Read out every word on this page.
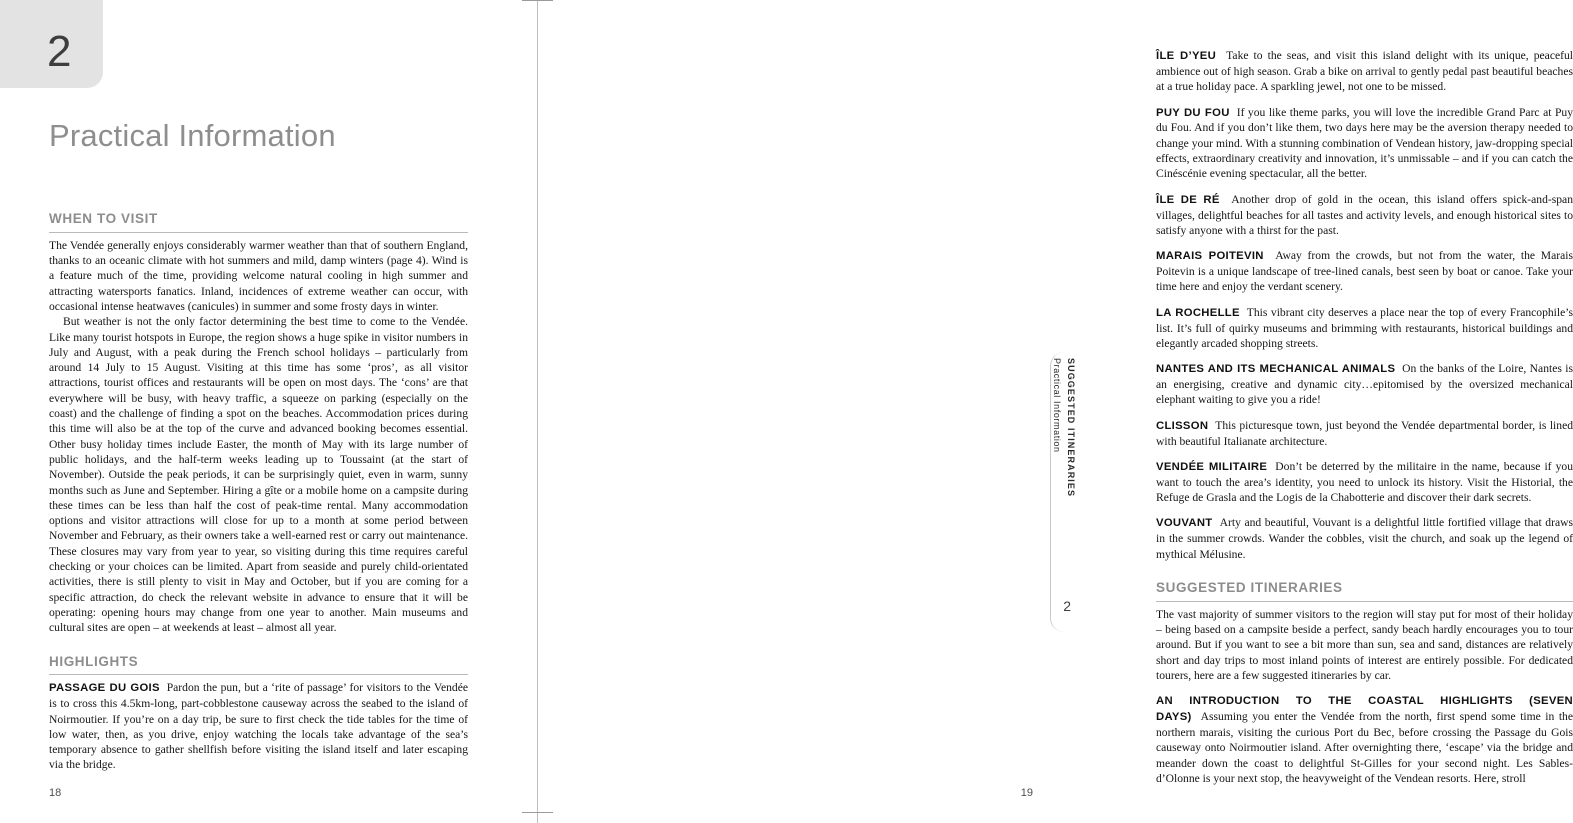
2
Practical Information
WHEN TO VISIT

The Vendée generally enjoys considerably warmer weather than that of southern England, thanks to an oceanic climate with hot summers and mild, damp winters (page 4). Wind is a feature much of the time, providing welcome natural cooling in high summer and attracting watersports fanatics. Inland, incidences of extreme weather can occur, with occasional intense heatwaves (canicules) in summer and some frosty days in winter.

But weather is not the only factor determining the best time to come to the Vendée. Like many tourist hotspots in Europe, the region shows a huge spike in visitor numbers in July and August, with a peak during the French school holidays – particularly from around 14 July to 15 August. Visiting at this time has some ‘pros’, as all visitor attractions, tourist offices and restaurants will be open on most days. The ‘cons’ are that everywhere will be busy, with heavy traffic, a squeeze on parking (especially on the coast) and the challenge of finding a spot on the beaches. Accommodation prices during this time will also be at the top of the curve and advanced booking becomes essential. Other busy holiday times include Easter, the month of May with its large number of public holidays, and the half-term weeks leading up to Toussaint (at the start of November). Outside the peak periods, it can be surprisingly quiet, even in warm, sunny months such as June and September. Hiring a gîte or a mobile home on a campsite during these times can be less than half the cost of peak-time rental. Many accommodation options and visitor attractions will close for up to a month at some period between November and February, as their owners take a well-earned rest or carry out maintenance. These closures may vary from year to year, so visiting during this time requires careful checking or your choices can be limited. Apart from seaside and purely child-orientated activities, there is still plenty to visit in May and October, but if you are coming for a specific attraction, do check the relevant website in advance to ensure that it will be operating: opening hours may change from one year to another. Main museums and cultural sites are open – at weekends at least – almost all year.

HIGHLIGHTS

PASSAGE DU GOIS Pardon the pun, but a ‘rite of passage’ for visitors to the Vendée is to cross this 4.5km-long, part-cobblestone causeway across the seabed to the island of Noirmoutier. If you’re on a day trip, be sure to first check the tide tables for the time of low water, then, as you drive, enjoy watching the locals take advantage of the sea’s temporary absence to gather shellfish before visiting the island itself and later escaping via the bridge.

18

ÎLE D’YEU Take to the seas, and visit this island delight with its unique, peaceful ambience out of high season. Grab a bike on arrival to gently pedal past beautiful beaches at a true holiday pace. A sparkling jewel, not one to be missed.

PUY DU FOU If you like theme parks, you will love the incredible Grand Parc at Puy du Fou. And if you don’t like them, two days here may be the aversion therapy needed to change your mind. With a stunning combination of Vendean history, jaw-dropping special effects, extraordinary creativity and innovation, it’s unmissable – and if you can catch the Cinéscénie evening spectacular, all the better.

ÎLE DE RÉ Another drop of gold in the ocean, this island offers spick-and-span villages, delightful beaches for all tastes and activity levels, and enough historical sites to satisfy anyone with a thirst for the past.

MARAIS POITEVIN Away from the crowds, but not from the water, the Marais Poitevin is a unique landscape of tree-lined canals, best seen by boat or canoe. Take your time here and enjoy the verdant scenery.

LA ROCHELLE This vibrant city deserves a place near the top of every Francophile’s list. It’s full of quirky museums and brimming with restaurants, historical buildings and elegantly arcaded shopping streets.

NANTES AND ITS MECHANICAL ANIMALS On the banks of the Loire, Nantes is an energising, creative and dynamic city…epitomised by the oversized mechanical elephant waiting to give you a ride!

CLISSON This picturesque town, just beyond the Vendée departmental border, is lined with beautiful Italianate architecture.

VENDÉE MILITAIRE Don’t be deterred by the militaire in the name, because if you want to touch the area’s identity, you need to unlock its history. Visit the Historial, the Refuge de Grasla and the Logis de la Chabotterie and discover their dark secrets.

VOUVANT Arty and beautiful, Vouvant is a delightful little fortified village that draws in the summer crowds. Wander the cobbles, visit the church, and soak up the legend of mythical Mélusine.

SUGGESTED ITINERARIES

The vast majority of summer visitors to the region will stay put for most of their holiday – being based on a campsite beside a perfect, sandy beach hardly encourages you to tour around. But if you want to see a bit more than sun, sea and sand, distances are relatively short and day trips to most inland points of interest are entirely possible. For dedicated tourers, here are a few suggested itineraries by car.

AN INTRODUCTION TO THE COASTAL HIGHLIGHTS (SEVEN DAYS) Assuming you enter the Vendée from the north, first spend some time in the northern marais, visiting the curious Port du Bec, before crossing the Passage du Gois causeway onto Noirmoutier island. After overnighting there, ‘escape’ via the bridge and meander down the coast to delightful St-Gilles for your second night. Les Sables-d’Olonne is your next stop, the heavyweight of the Vendean resorts. Here, stroll

19
Practical Information SUGGESTED ITINERARIES
2
